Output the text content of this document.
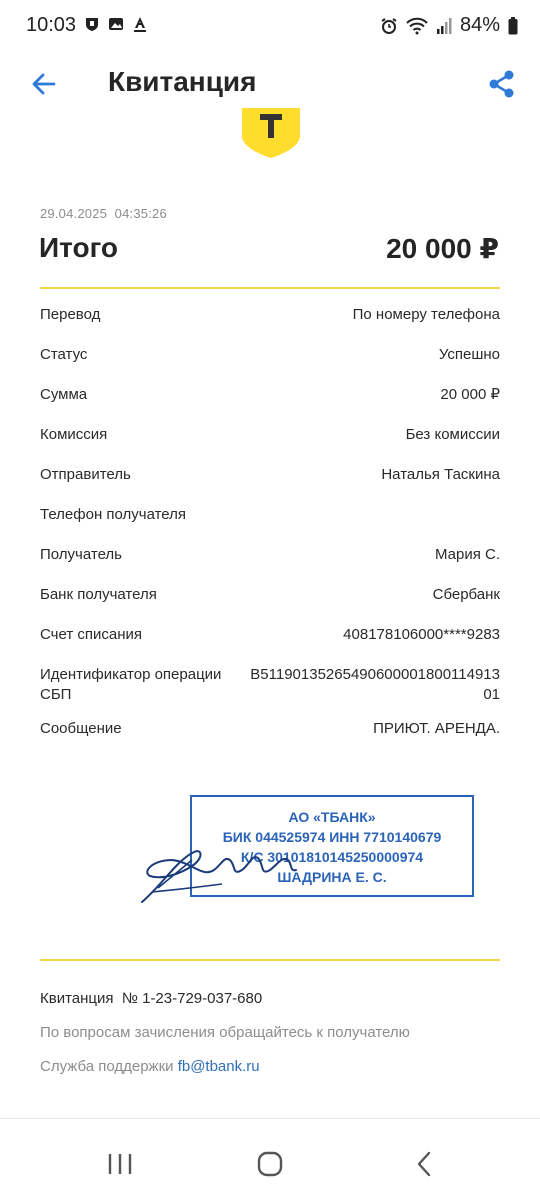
10:03	84%
Квитанция
29.04.2025  04:35:26
Итого	20 000 ₽
Перевод	По номеру телефона
Статус	Успешно
Сумма	20 000 ₽
Комиссия	Без комиссии
Отправитель	Наталья Таскина
Телефон получателя
Получатель	Мария С.
Банк получателя	Сбербанк
Счет списания	408178106000****9283
Идентификатор операции СБП
B5119013526549060000180011491301
Сообщение	ПРИЮТ. АРЕНДА.
АО «ТБАНК»
БИК 044525974 ИНН 7710140679
К/С 30101810145250000974
ШАДРИНА Е. С.
Квитанция  № 1-23-729-037-680
По вопросам зачисления обращайтесь к получателю
Служба поддержки fb@tbank.ru
